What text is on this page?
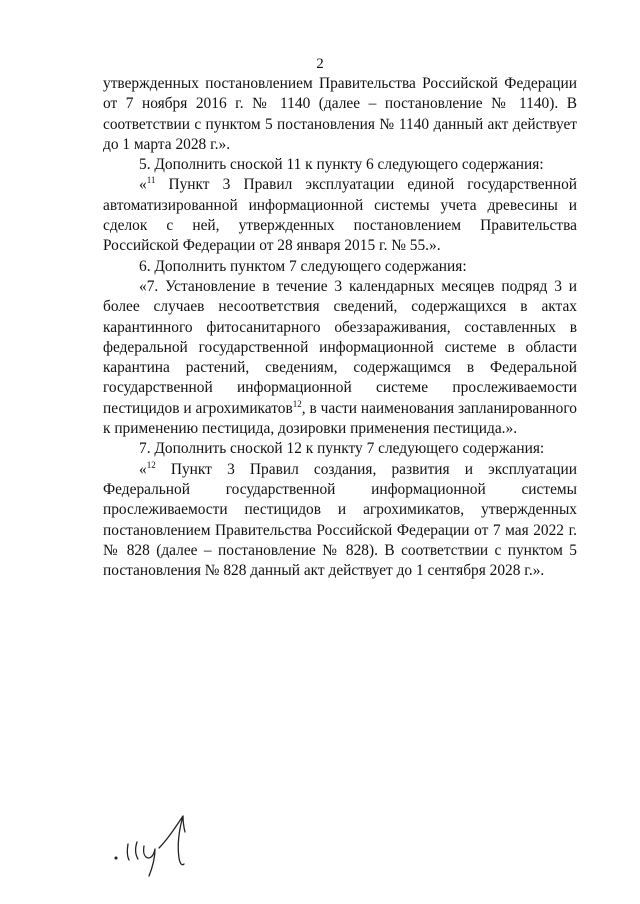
2

утвержденных постановлением Правительства Российской Федерации от 7 ноября 2016 г. № 1140 (далее – постановление № 1140). В соответствии с пунктом 5 постановления № 1140 данный акт действует до 1 марта 2028 г.».

5. Дополнить сноской 11 к пункту 6 следующего содержания:

«$^{11}$ Пункт 3 Правил эксплуатации единой государственной автоматизированной информационной системы учета древесины и сделок с ней, утвержденных постановлением Правительства Российской Федерации от 28 января 2015 г. № 55.».

6. Дополнить пунктом 7 следующего содержания:

«7. Установление в течение 3 календарных месяцев подряд 3 и более случаев несоответствия сведений, содержащихся в актах карантинного фитосанитарного обеззараживания, составленных в федеральной государственной информационной системе в области карантина растений, сведениям, содержащимся в Федеральной государственной информационной системе прослеживаемости пестицидов и агрохимикатов$^{12}$, в части наименования запланированного к применению пестицида, дозировки применения пестицида.».

7. Дополнить сноской 12 к пункту 7 следующего содержания:

«$^{12}$ Пункт 3 Правил создания, развития и эксплуатации Федеральной государственной информационной системы прослеживаемости пестицидов и агрохимикатов, утвержденных постановлением Правительства Российской Федерации от 7 мая 2022 г. № 828 (далее – постановление № 828). В соответствии с пунктом 5 постановления № 828 данный акт действует до 1 сентября 2028 г.».
